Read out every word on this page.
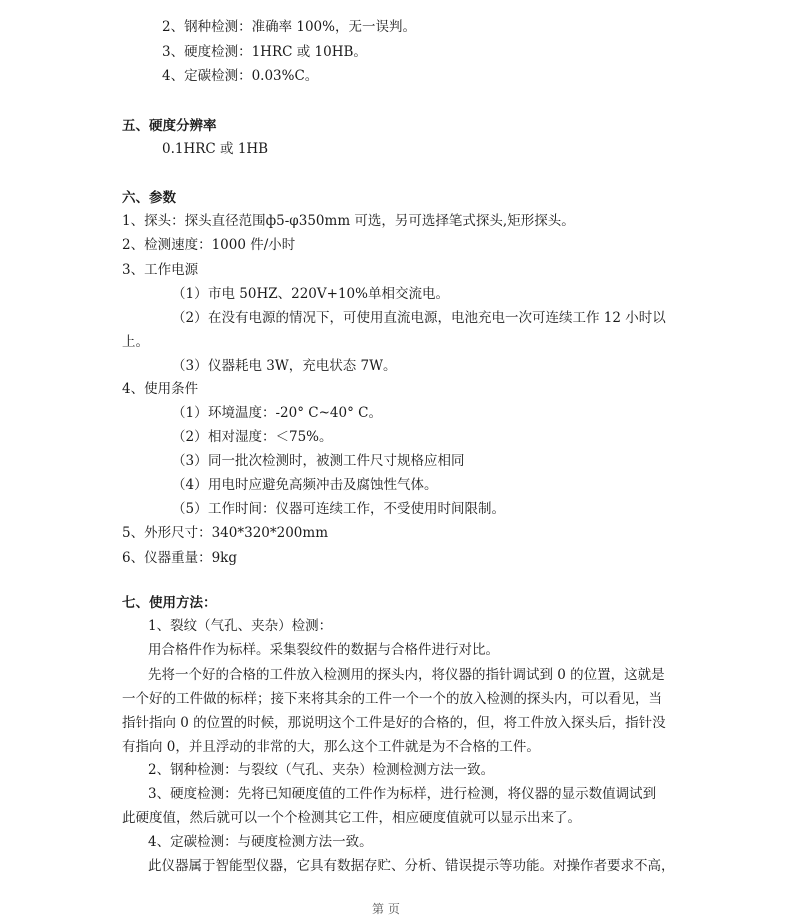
2、钢种检测：准确率 100%，无一误判。
3、硬度检测：1HRC 或 10HB。
4、定碳检测：0.03%C。
五、硬度分辨率
0.1HRC 或 1HB
六、参数
1、探头：探头直径范围ф5-φ350mm 可选，另可选择笔式探头,矩形探头。
2、检测速度：1000 件/小时
3、工作电源
（1）市电 50HZ、220V+10%单相交流电。
（2）在没有电源的情况下，可使用直流电源，电池充电一次可连续工作 12 小时以
上。
（3）仪器耗电 3W，充电状态 7W。
4、使用条件
（1）环境温度：-20° C~40° C。
（2）相对湿度：＜75%。
（3）同一批次检测时，被测工件尺寸规格应相同
（4）用电时应避免高频冲击及腐蚀性气体。
（5）工作时间：仪器可连续工作，不受使用时间限制。
5、外形尺寸：340*320*200mm
6、仪器重量：9kg
七、使用方法：
1、裂纹（气孔、夹杂）检测：
用合格件作为标样。采集裂纹件的数据与合格件进行对比。
先将一个好的合格的工件放入检测用的探头内，将仪器的指针调试到 0 的位置，这就是
一个好的工件做的标样；接下来将其余的工件一个一个的放入检测的探头内，可以看见，当
指针指向 0 的位置的时候，那说明这个工件是好的合格的，但，将工件放入探头后，指针没
有指向 0，并且浮动的非常的大，那么这个工件就是为不合格的工件。
2、钢种检测：与裂纹（气孔、夹杂）检测检测方法一致。
3、硬度检测：先将已知硬度值的工件作为标样，进行检测，将仪器的显示数值调试到
此硬度值，然后就可以一个个检测其它工件，相应硬度值就可以显示出来了。
4、定碳检测：与硬度检测方法一致。
此仪器属于智能型仪器，它具有数据存贮、分析、错误提示等功能。对操作者要求不高，
第 页
